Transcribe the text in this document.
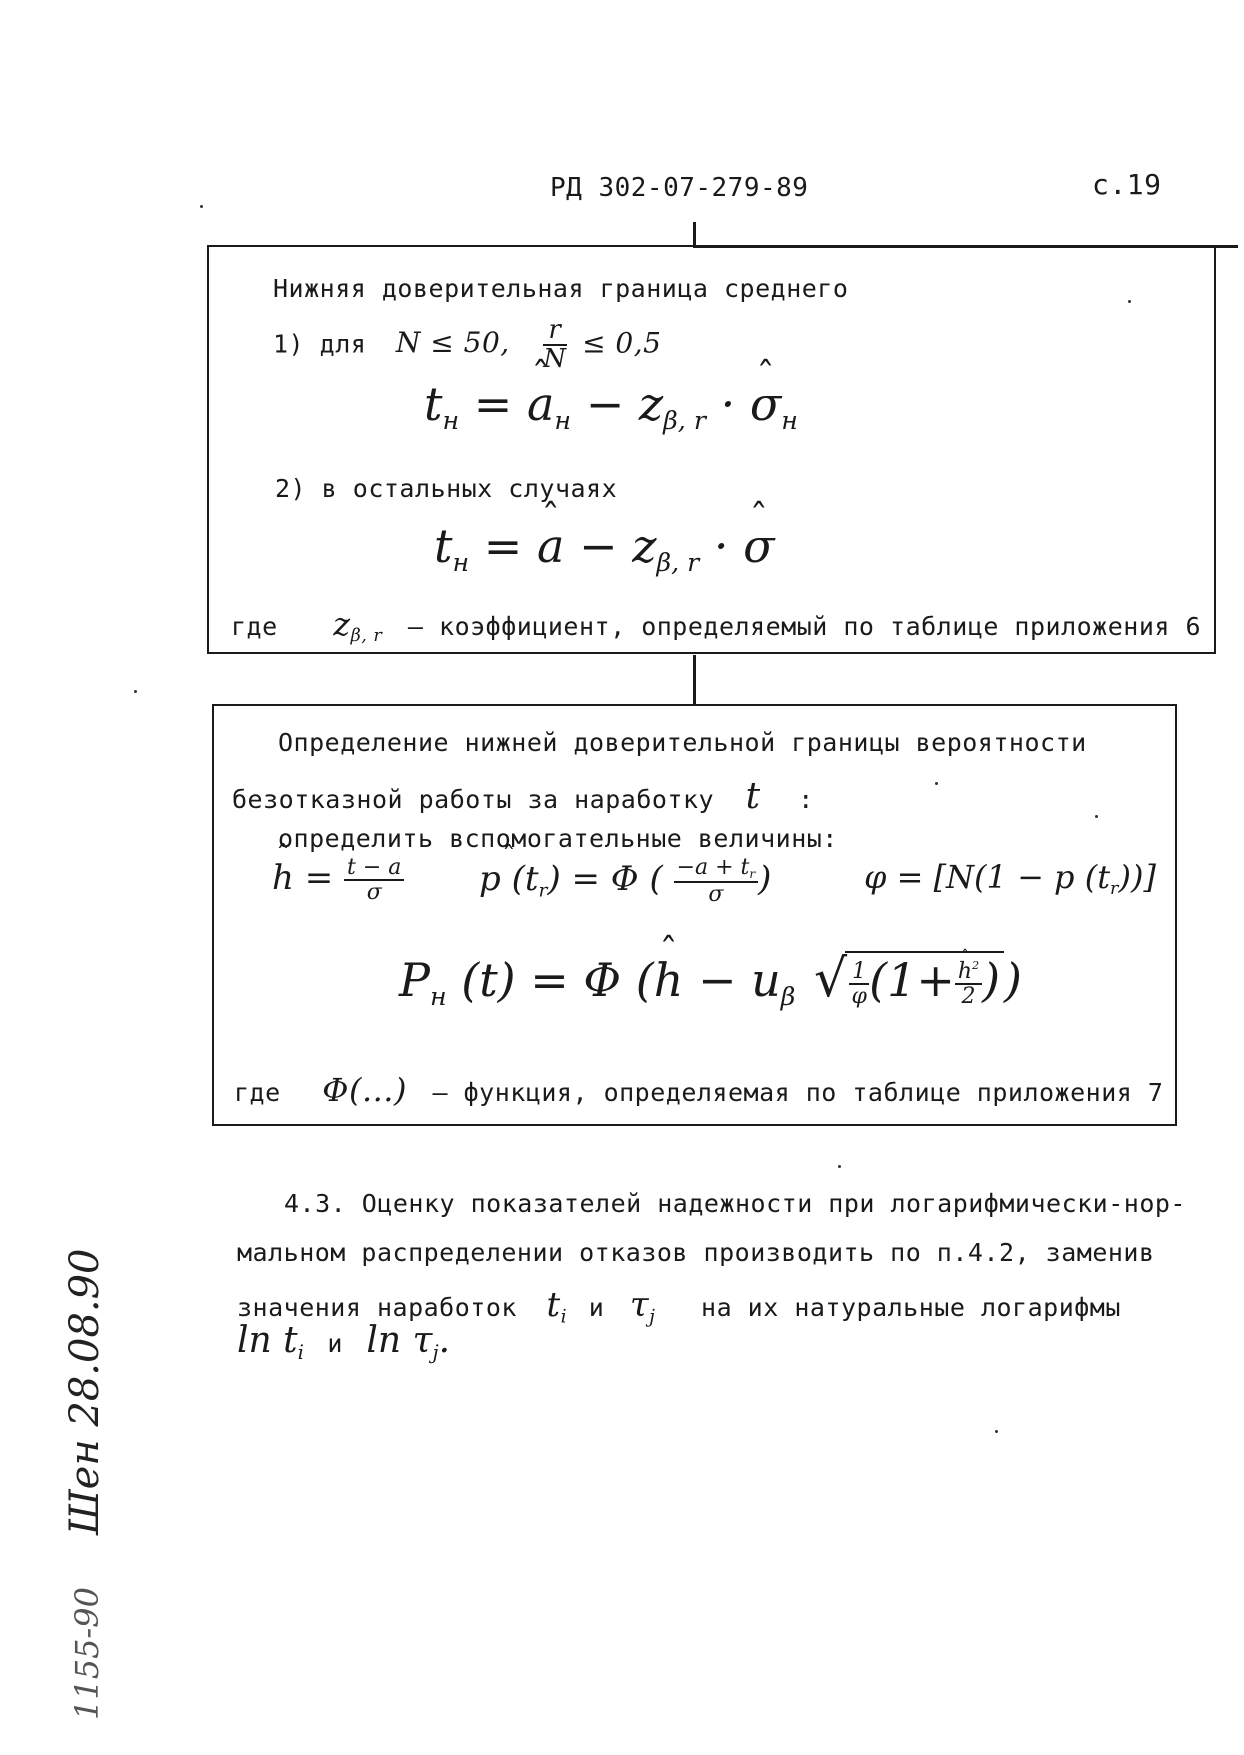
РД 302-07-279-89	с.19
Нижняя доверительная граница среднего
1) для N ≤ 50, $\frac{r}{N} \le 0,5$
$t_н$ = ˆ $a_н - z_{\beta, r}$ · ˆ $\sigma_н$
2) в остальных случаях
$t_н$ = ˆ $a - z_{\beta, r}$ · ˆ σ
где $z_{\beta, r}$ – коэффициент, определяемый по таблице приложения 6
Определение нижней доверительной границы вероятности
безотказной работы за наработку t :
определить вспомогательные величины:
ˆ $h = \frac{t - a}{\sigma}$ ˆ p $(t_r) = \Phi$ ( $\frac{-a + t_r}{\sigma}$ )	φ = [N(1 − p $(t_r)$)]
$P_н$ (t) = Φ (ˆ $h - u_\beta$ √ $\frac{1}{\varphi} (1+$ ˆ $\frac{h^2}{2}$ ))
где Φ(...) – функция, определяемая по таблице приложения 7
4.3. Оценку показателей надежности при логарифмически-нор-
мальном распределении отказов производить по п.4.2, заменив
значения наработок $t_i$ и $\tau_j$ на их натуральные логарифмы
$\ln t_i$ и $\ln \tau_j$.
Шен 28.08.90
1155-90
